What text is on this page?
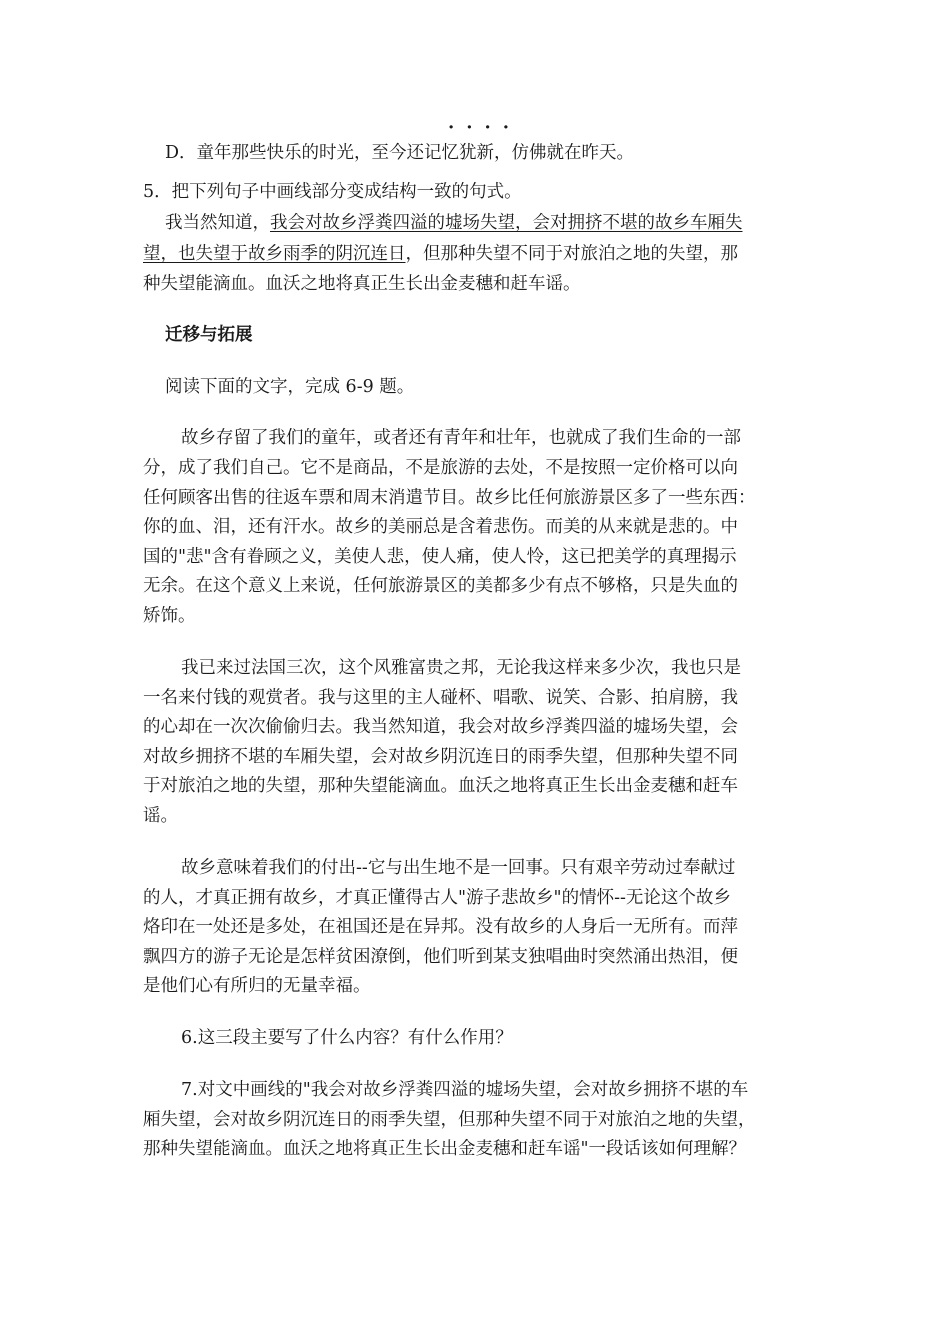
····
D．童年那些快乐的时光，至今还记忆犹新，仿佛就在昨天。
5．把下列句子中画线部分变成结构一致的句式。
我当然知道，我会对故乡浮粪四溢的墟场失望，会对拥挤不堪的故乡车厢失
望，也失望于故乡雨季的阴沉连日，但那种失望不同于对旅泊之地的失望，那
种失望能滴血。血沃之地将真正生长出金麦穗和赶车谣。
迁移与拓展
阅读下面的文字，完成 6-9 题。
故乡存留了我们的童年，或者还有青年和壮年，也就成了我们生命的一部
分，成了我们自己。它不是商品，不是旅游的去处，不是按照一定价格可以向
任何顾客出售的往返车票和周末消遣节目。故乡比任何旅游景区多了一些东西：
你的血、泪，还有汗水。故乡的美丽总是含着悲伤。而美的从来就是悲的。中
国的"悲"含有眷顾之义，美使人悲，使人痛，使人怜，这已把美学的真理揭示
无余。在这个意义上来说，任何旅游景区的美都多少有点不够格，只是失血的
矫饰。
我已来过法国三次，这个风雅富贵之邦，无论我这样来多少次，我也只是
一名来付钱的观赏者。我与这里的主人碰杯、唱歌、说笑、合影、拍肩膀，我
的心却在一次次偷偷归去。我当然知道，我会对故乡浮粪四溢的墟场失望，会
对故乡拥挤不堪的车厢失望，会对故乡阴沉连日的雨季失望，但那种失望不同
于对旅泊之地的失望，那种失望能滴血。血沃之地将真正生长出金麦穗和赶车
谣。
故乡意味着我们的付出--它与出生地不是一回事。只有艰辛劳动过奉献过
的人，才真正拥有故乡，才真正懂得古人"游子悲故乡"的情怀--无论这个故乡
烙印在一处还是多处，在祖国还是在异邦。没有故乡的人身后一无所有。而萍
飘四方的游子无论是怎样贫困潦倒，他们听到某支独唱曲时突然涌出热泪，便
是他们心有所归的无量幸福。
6.这三段主要写了什么内容？有什么作用？
7.对文中画线的"我会对故乡浮粪四溢的墟场失望，会对故乡拥挤不堪的车
厢失望，会对故乡阴沉连日的雨季失望，但那种失望不同于对旅泊之地的失望，
那种失望能滴血。血沃之地将真正生长出金麦穗和赶车谣"一段话该如何理解？
